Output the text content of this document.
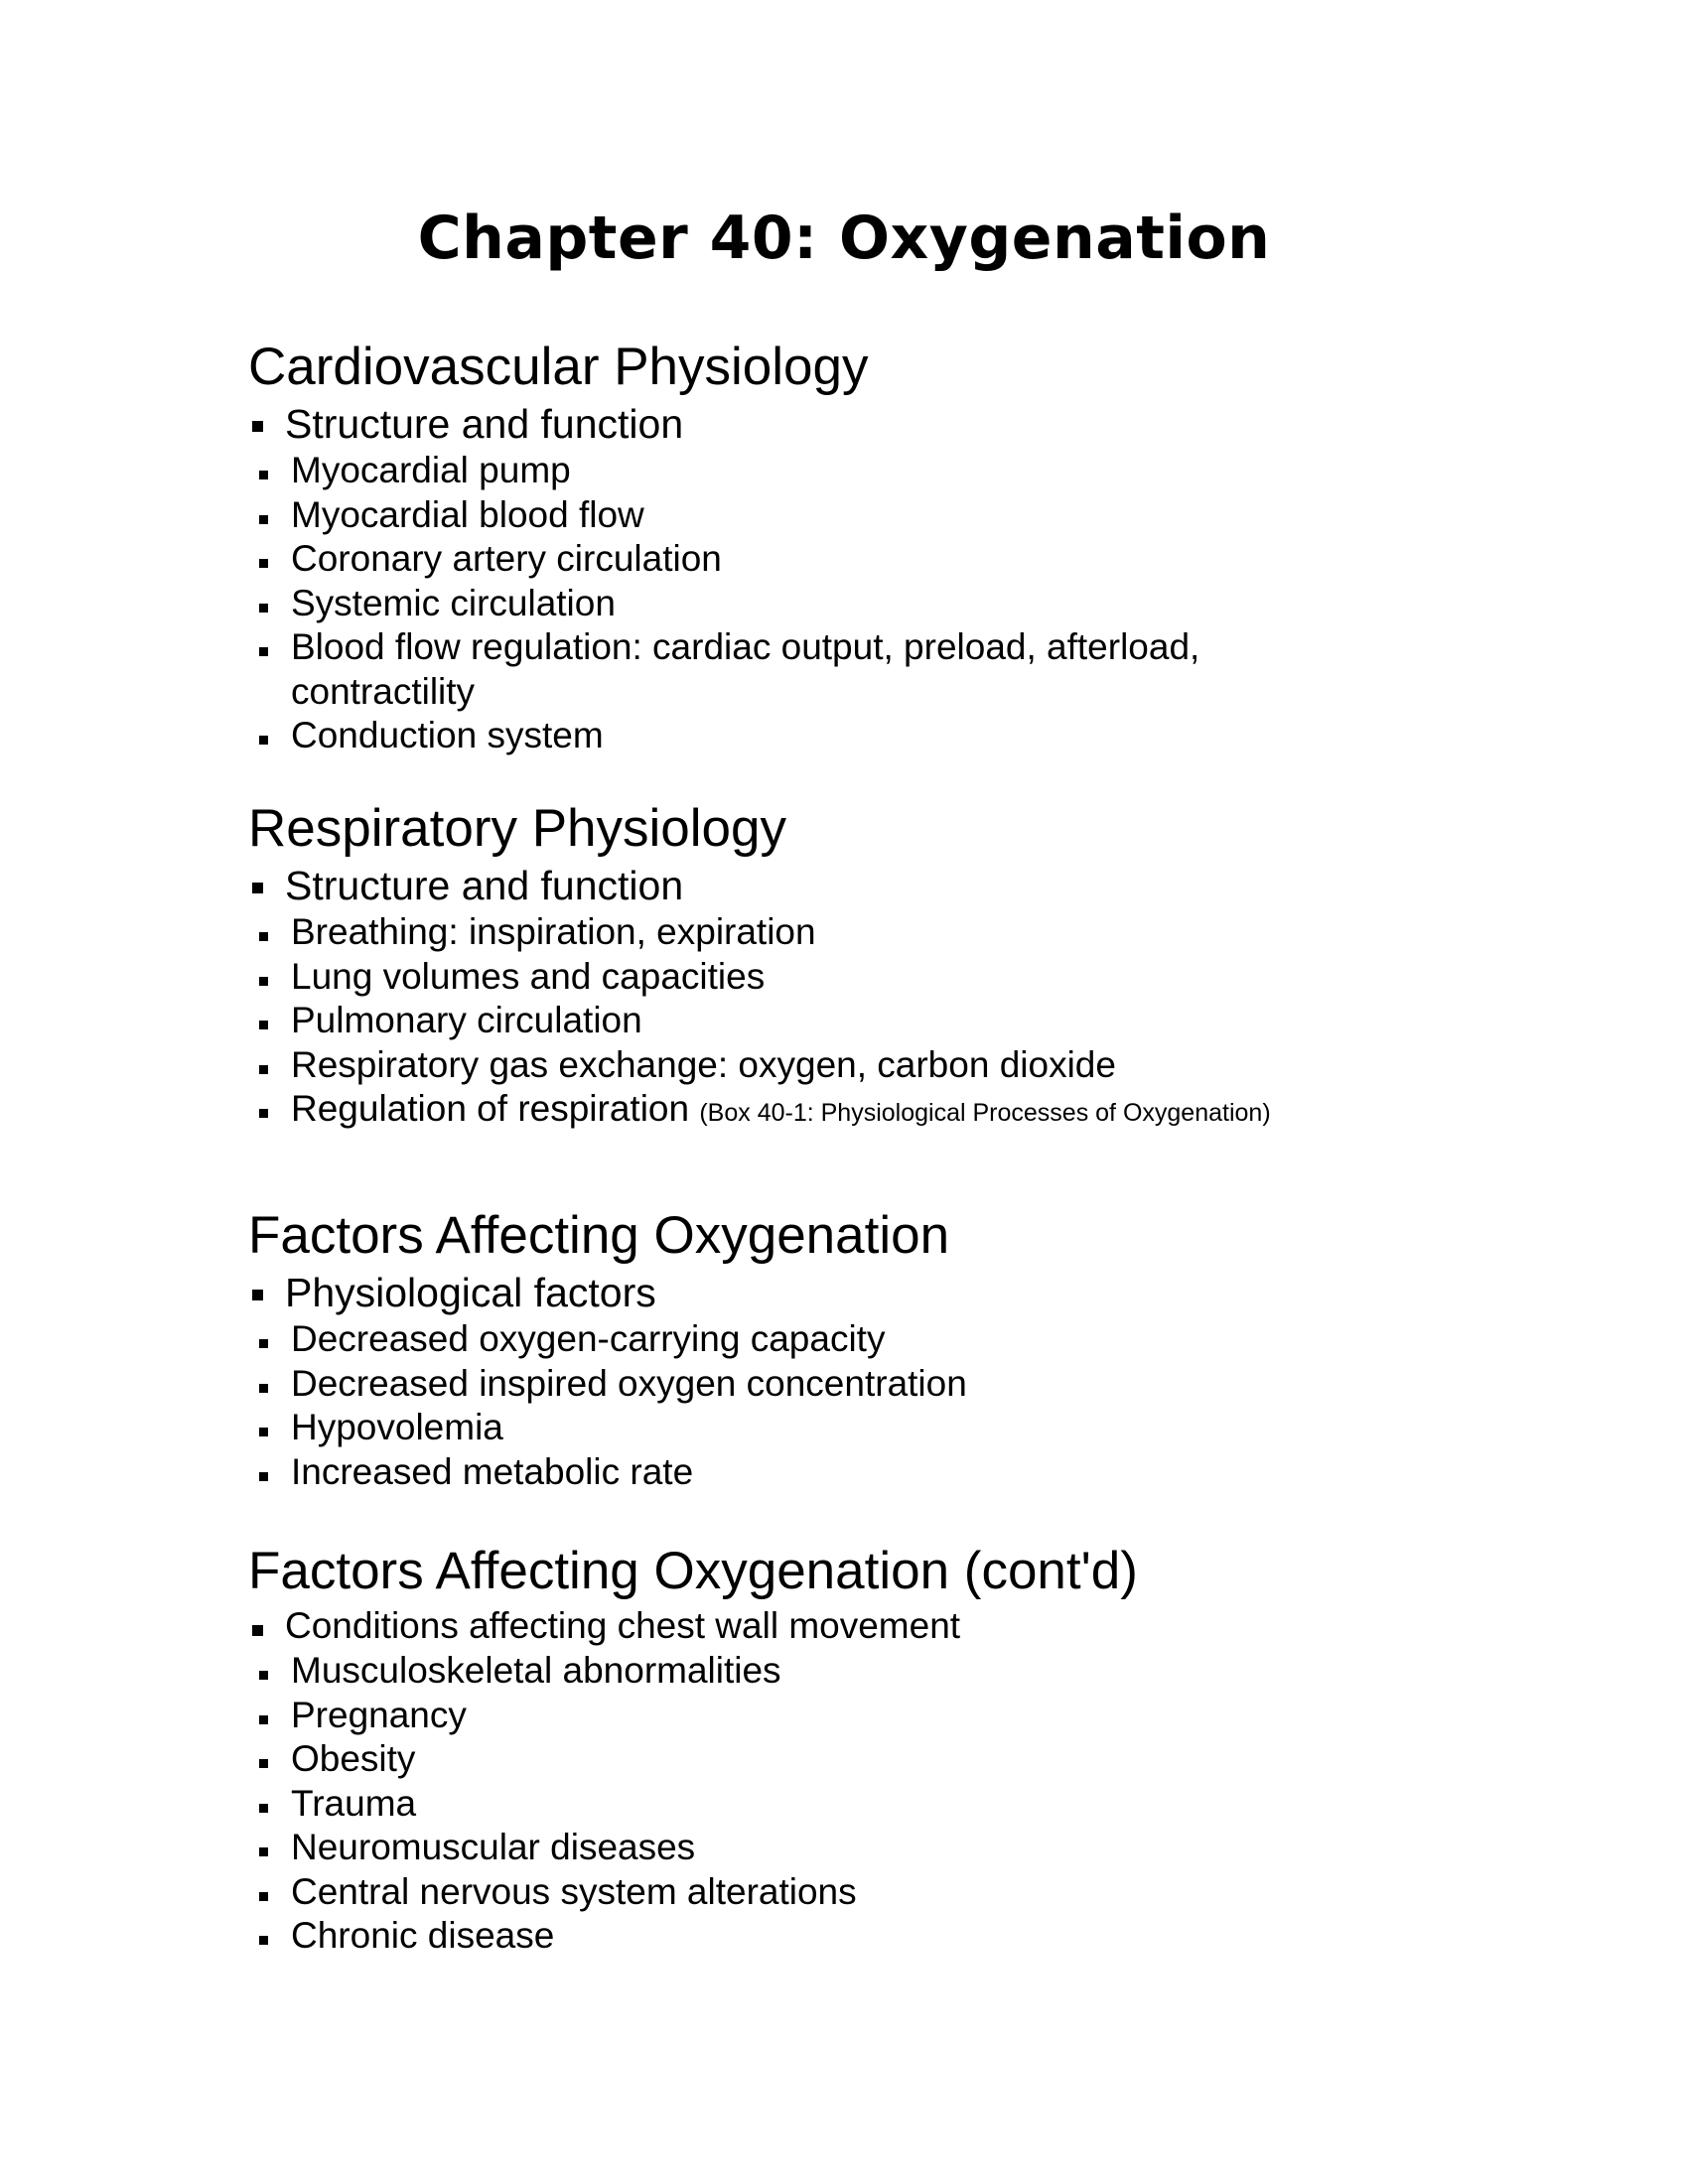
Chapter 40: Oxygenation
Cardiovascular Physiology
Structure and function
Myocardial pump
Myocardial blood flow
Coronary artery circulation
Systemic circulation
Blood flow regulation: cardiac output, preload, afterload, contractility
Conduction system
Respiratory Physiology
Structure and function
Breathing: inspiration, expiration
Lung volumes and capacities
Pulmonary circulation
Respiratory gas exchange: oxygen, carbon dioxide
Regulation of respiration (Box 40-1: Physiological Processes of Oxygenation)
Factors Affecting Oxygenation
Physiological factors
Decreased oxygen-carrying capacity
Decreased inspired oxygen concentration
Hypovolemia
Increased metabolic rate
Factors Affecting Oxygenation (cont'd)
Conditions affecting chest wall movement
Musculoskeletal abnormalities
Pregnancy
Obesity
Trauma
Neuromuscular diseases
Central nervous system alterations
Chronic disease
